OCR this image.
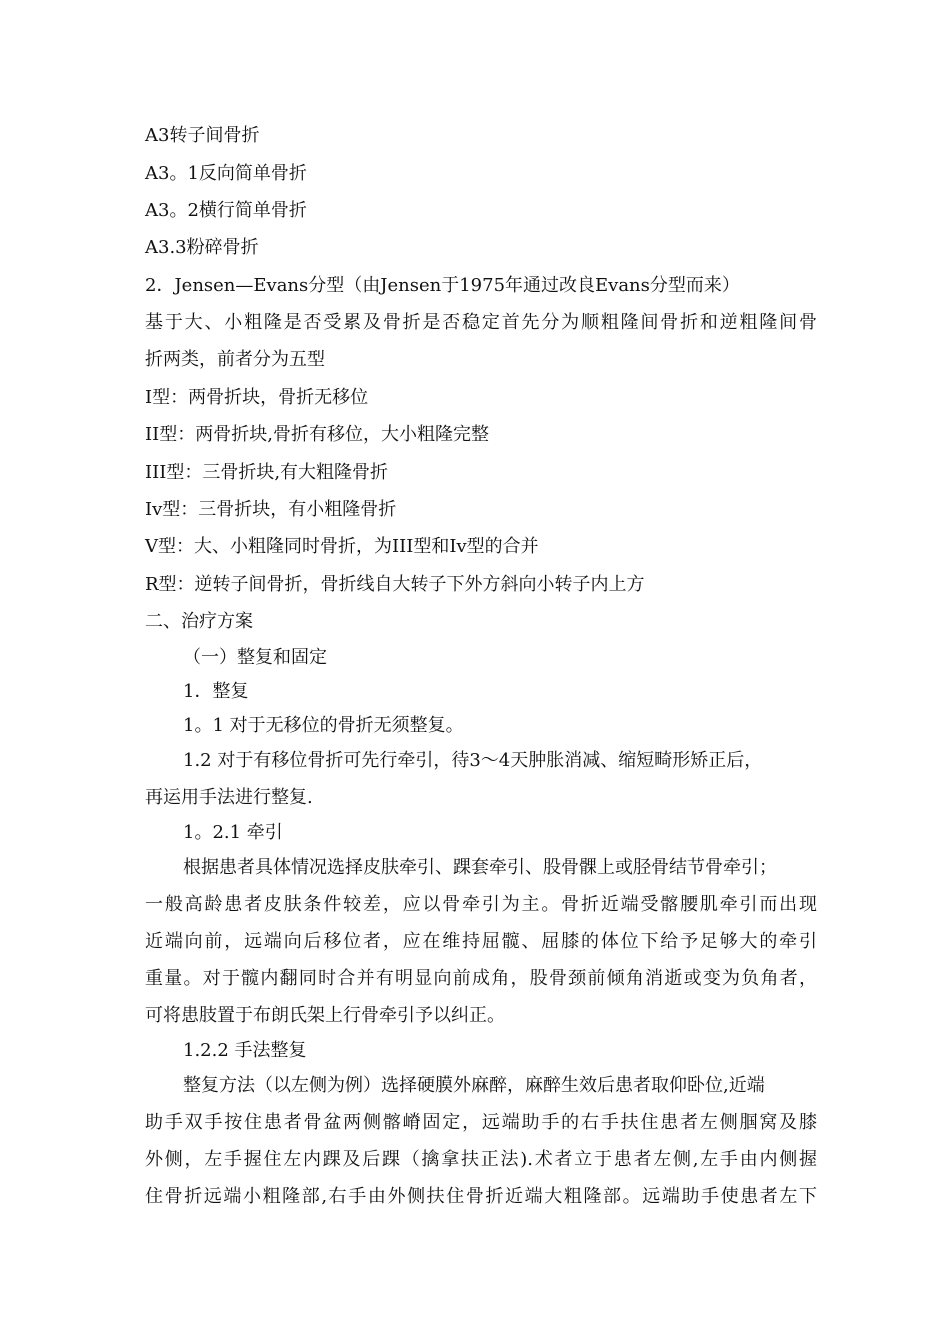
A3转子间骨折

A3。1反向简单骨折

A3。2横行简单骨折

A3.3粉碎骨折

2．Jensen—Evans分型（由Jensen于1975年通过改良Evans分型而来）

基于大、小粗隆是否受累及骨折是否稳定首先分为顺粗隆间骨折和逆粗隆间骨

折两类，前者分为五型

I型：两骨折块，骨折无移位

II型：两骨折块,骨折有移位，大小粗隆完整

III型：三骨折块,有大粗隆骨折

Iv型：三骨折块，有小粗隆骨折

V型：大、小粗隆同时骨折，为III型和Iv型的合并

R型：逆转子间骨折，骨折线自大转子下外方斜向小转子内上方

二、治疗方案

（一）整复和固定

1．整复

1。1 对于无移位的骨折无须整复。

1.2 对于有移位骨折可先行牵引，待3～4天肿胀消减、缩短畸形矫正后，

再运用手法进行整复.

1。2.1 牵引

根据患者具体情况选择皮肤牵引、踝套牵引、股骨髁上或胫骨结节骨牵引；

一般高龄患者皮肤条件较差，应以骨牵引为主。骨折近端受髂腰肌牵引而出现

近端向前，远端向后移位者，应在维持屈髋、屈膝的体位下给予足够大的牵引

重量。对于髋内翻同时合并有明显向前成角，股骨颈前倾角消逝或变为负角者，

可将患肢置于布朗氏架上行骨牵引予以纠正。

1.2.2 手法整复

整复方法（以左侧为例）选择硬膜外麻醉，麻醉生效后患者取仰卧位,近端

助手双手按住患者骨盆两侧髂嵴固定，远端助手的右手扶住患者左侧腘窝及膝

外侧，左手握住左内踝及后踝（擒拿扶正法).术者立于患者左侧,左手由内侧握

住骨折远端小粗隆部,右手由外侧扶住骨折近端大粗隆部。远端助手使患者左下
